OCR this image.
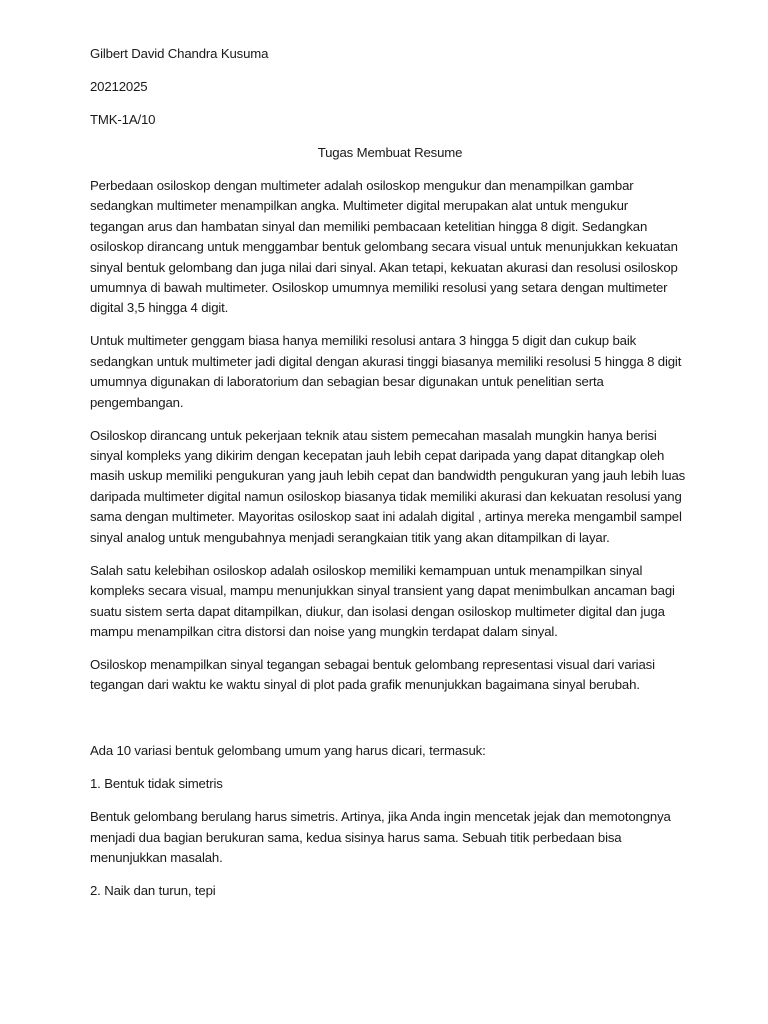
Gilbert David Chandra Kusuma
20212025
TMK-1A/10
Tugas Membuat Resume
Perbedaan osiloskop dengan multimeter adalah osiloskop mengukur dan menampilkan gambar
sedangkan multimeter menampilkan angka. Multimeter digital merupakan alat untuk mengukur
tegangan arus dan hambatan sinyal dan memiliki pembacaan ketelitian hingga 8 digit. Sedangkan
osiloskop dirancang untuk menggambar bentuk gelombang secara visual untuk menunjukkan kekuatan
sinyal bentuk gelombang dan juga nilai dari sinyal. Akan tetapi, kekuatan akurasi dan resolusi osiloskop
umumnya di bawah multimeter. Osiloskop umumnya memiliki resolusi yang setara dengan multimeter
digital 3,5 hingga 4 digit.
Untuk multimeter genggam biasa hanya memiliki resolusi antara 3 hingga 5 digit dan cukup baik
sedangkan untuk multimeter jadi digital dengan akurasi tinggi biasanya memiliki resolusi 5 hingga 8 digit
umumnya digunakan di laboratorium dan sebagian besar digunakan untuk penelitian serta
pengembangan.
Osiloskop dirancang untuk pekerjaan teknik atau sistem pemecahan masalah mungkin hanya berisi
sinyal kompleks yang dikirim dengan kecepatan jauh lebih cepat daripada yang dapat ditangkap oleh
masih uskup memiliki pengukuran yang jauh lebih cepat dan bandwidth pengukuran yang jauh lebih luas
daripada multimeter digital namun osiloskop biasanya tidak memiliki akurasi dan kekuatan resolusi yang
sama dengan multimeter. Mayoritas osiloskop saat ini adalah digital , artinya mereka mengambil sampel
sinyal analog untuk mengubahnya menjadi serangkaian titik yang akan ditampilkan di layar.
Salah satu kelebihan osiloskop adalah osiloskop memiliki kemampuan untuk menampilkan sinyal
kompleks secara visual, mampu menunjukkan sinyal transient yang dapat menimbulkan ancaman bagi
suatu sistem serta dapat ditampilkan, diukur, dan isolasi dengan osiloskop multimeter digital dan juga
mampu menampilkan citra distorsi dan noise yang mungkin terdapat dalam sinyal.
Osiloskop menampilkan sinyal tegangan sebagai bentuk gelombang representasi visual dari variasi
tegangan dari waktu ke waktu sinyal di plot pada grafik menunjukkan bagaimana sinyal berubah.
Ada 10 variasi bentuk gelombang umum yang harus dicari, termasuk:
1. Bentuk tidak simetris
Bentuk gelombang berulang harus simetris. Artinya, jika Anda ingin mencetak jejak dan memotongnya
menjadi dua bagian berukuran sama, kedua sisinya harus sama. Sebuah titik perbedaan bisa
menunjukkan masalah.
2. Naik dan turun, tepi
